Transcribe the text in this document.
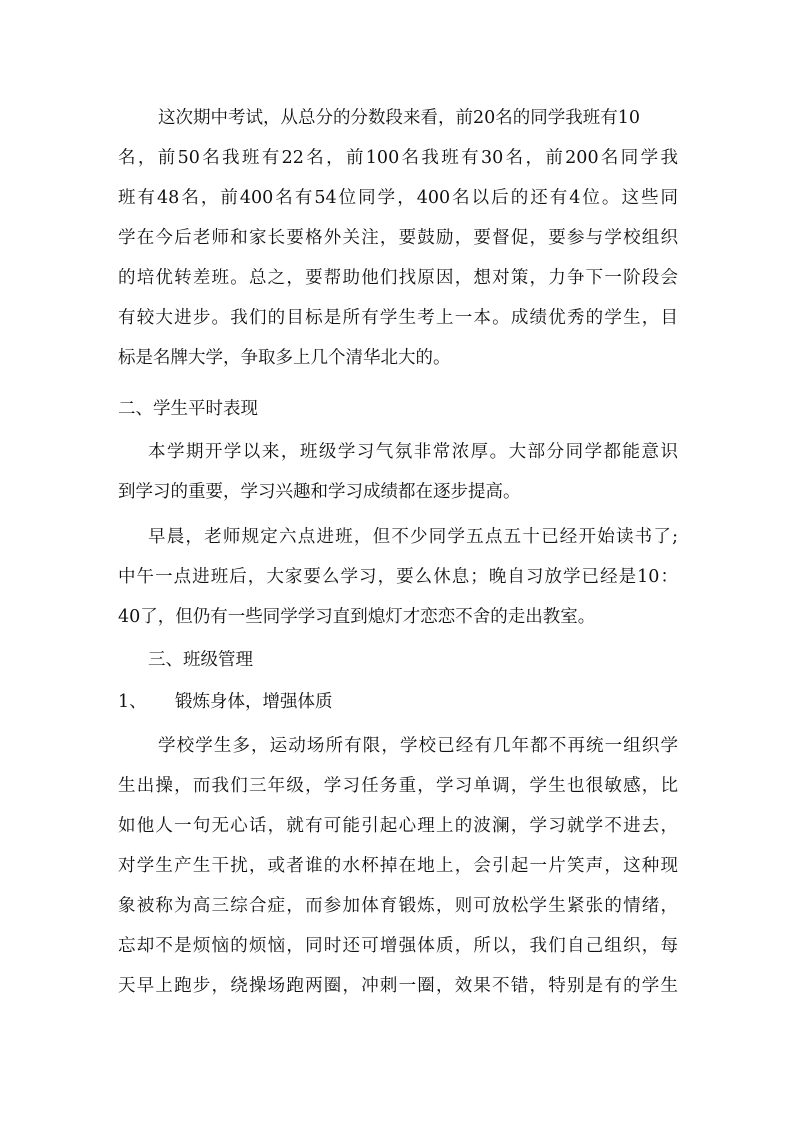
这次期中考试，从总分的分数段来看，前20名的同学我班有10
名，前50名我班有22名，前100名我班有30名，前200名同学我
班有48名，前400名有54位同学，400名以后的还有4位。这些同
学在今后老师和家长要格外关注，要鼓励，要督促，要参与学校组织
的培优转差班。总之，要帮助他们找原因，想对策，力争下一阶段会
有较大进步。我们的目标是所有学生考上一本。成绩优秀的学生，目
标是名牌大学，争取多上几个清华北大的。
二、学生平时表现
本学期开学以来，班级学习气氛非常浓厚。大部分同学都能意识
到学习的重要，学习兴趣和学习成绩都在逐步提高。
早晨，老师规定六点进班，但不少同学五点五十已经开始读书了;
中午一点进班后，大家要么学习，要么休息；晚自习放学已经是10：
40了，但仍有一些同学学习直到熄灯才恋恋不舍的走出教室。
三、班级管理
1、 锻炼身体，增强体质
学校学生多，运动场所有限，学校已经有几年都不再统一组织学
生出操，而我们三年级，学习任务重，学习单调，学生也很敏感，比
如他人一句无心话，就有可能引起心理上的波澜，学习就学不进去，
对学生产生干扰，或者谁的水杯掉在地上，会引起一片笑声，这种现
象被称为高三综合症，而参加体育锻炼，则可放松学生紧张的情绪，
忘却不是烦恼的烦恼，同时还可增强体质，所以，我们自己组织，每
天早上跑步，绕操场跑两圈，冲刺一圈，效果不错，特别是有的学生
